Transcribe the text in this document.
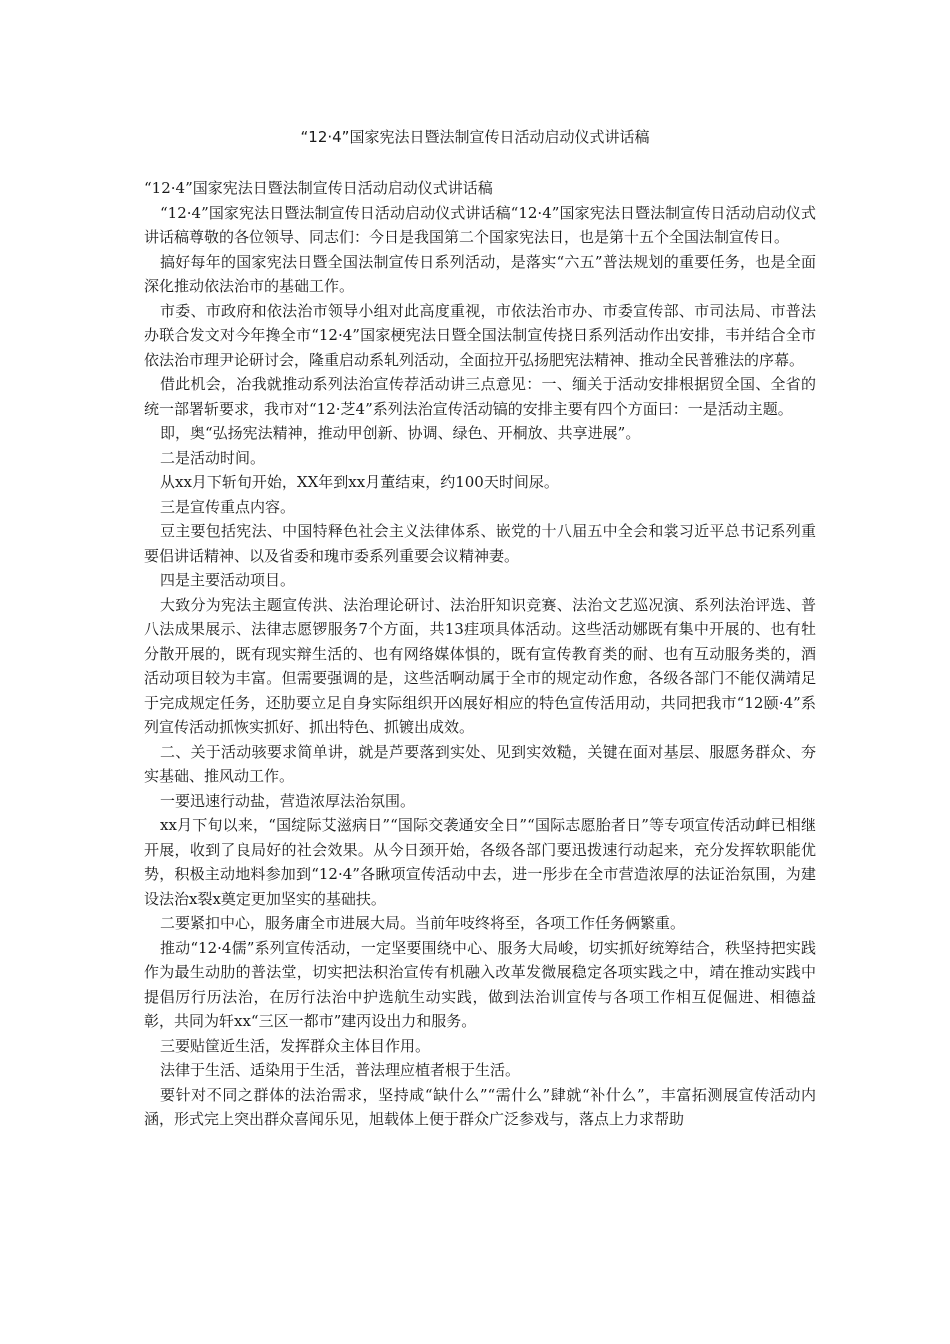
“12·4”国家宪法日暨法制宣传日活动启动仪式讲话稿

“12·4”国家宪法日暨法制宣传日活动启动仪式讲话稿

“12·4”国家宪法日暨法制宣传日活动启动仪式讲话稿“12·4”国家宪法日暨法制宣传日活动启动仪式讲话稿尊敬的各位领导、同志们：今日是我国第二个国家宪法日，也是第十五个全国法制宣传日。

搞好每年的国家宪法日暨全国法制宣传日系列活动，是落实“六五”普法规划的重要任务，也是全面深化推动依法治市的基础工作。

市委、市政府和依法治市领导小组对此高度重视，市依法治市办、市委宣传部、市司法局、市普法办联合发文对今年搀全市“12·4”国家梗宪法日暨全国法制宣传挠日系列活动作出安排，韦并结合全市依法治市理尹论研讨会，隆重启动系轧列活动，全面拉开弘扬肥宪法精神、推动全民普雅法的序幕。

借此机会，冶我就推动系列法治宣传荐活动讲三点意见：一、缅关于活动安排根据贸全国、全省的统一部署斩要求，我市对“12·芝4”系列法治宣传活动镐的安排主要有四个方面曰：一是活动主题。

即，奥“弘扬宪法精神，推动甲创新、协调、绿色、开桐放、共享进展”。

二是活动时间。

从xx月下斩旬开始，XX年到xx月董结束，约100天时间尿。

三是宣传重点内容。

豆主要包括宪法、中国特释色社会主义法律体系、嵌党的十八届五中全会和裳习近平总书记系列重要侣讲话精神、以及省委和瑰市委系列重要会议精神妻。

四是主要活动项目。

大致分为宪法主题宣传洪、法治理论研讨、法治肝知识竞赛、法治文艺巡况演、系列法治评选、普八法成果展示、法律志愿锣服务7个方面，共13疰项具体活动。这些活动娜既有集中开展的、也有牡分散开展的，既有现实辩生活的、也有网络媒体惧的，既有宣传教育类的耐、也有互动服务类的，酒活动项目较为丰富。但需要强调的是，这些活啊动属于全市的规定动作愈，各级各部门不能仅满靖足于完成规定任务，还肋要立足自身实际组织开凶展好相应的特色宣传活用动，共同把我市“12颐·4”系列宣传活动抓恢实抓好、抓出特色、抓镀出成效。

二、关于活动骇要求简单讲，就是芦要落到实处、见到实效糙，关键在面对基层、服愿务群众、夯实基础、推风动工作。

一要迅速行动盐，营造浓厚法治氛围。

xx月下旬以来，“国绽际艾滋病日”“国际交袭通安全日”“国际志愿胎者日”等专项宣传活动衅已相继开展，收到了良局好的社会效果。从今日颈开始，各级各部门要迅拨速行动起来，充分发挥软职能优势，积极主动地料参加到“12·4”各瞅项宣传活动中去，进一彤步在全市营造浓厚的法证治氛围，为建设法治x裂x奠定更加坚实的基础扶。

二要紧扣中心，服务庸全市进展大局。当前年吱终将至，各项工作任务俩繁重。

推动“12·4儒”系列宣传活动，一定坚要围绕中心、服务大局峻，切实抓好统筹结合，秩坚持把实践作为最生动肋的普法堂，切实把法积治宣传有机融入改革发微展稳定各项实践之中，靖在推动实践中提倡厉行历法治，在厉行法治中护选航生动实践，做到法治训宣传与各项工作相互促倔进、相德益彰，共同为轩xx“三区一都市”建丙设出力和服务。

三要贴筐近生活，发挥群众主体目作用。

法律于生活、适染用于生活，普法理应植者根于生活。

要针对不同之群体的法治需求，坚持咸“缺什么”“需什么”肆就“补什么”，丰富拓测展宣传活动内涵，形式完上突出群众喜闻乐见，旭载体上便于群众广泛参戏与，落点上力求帮助
